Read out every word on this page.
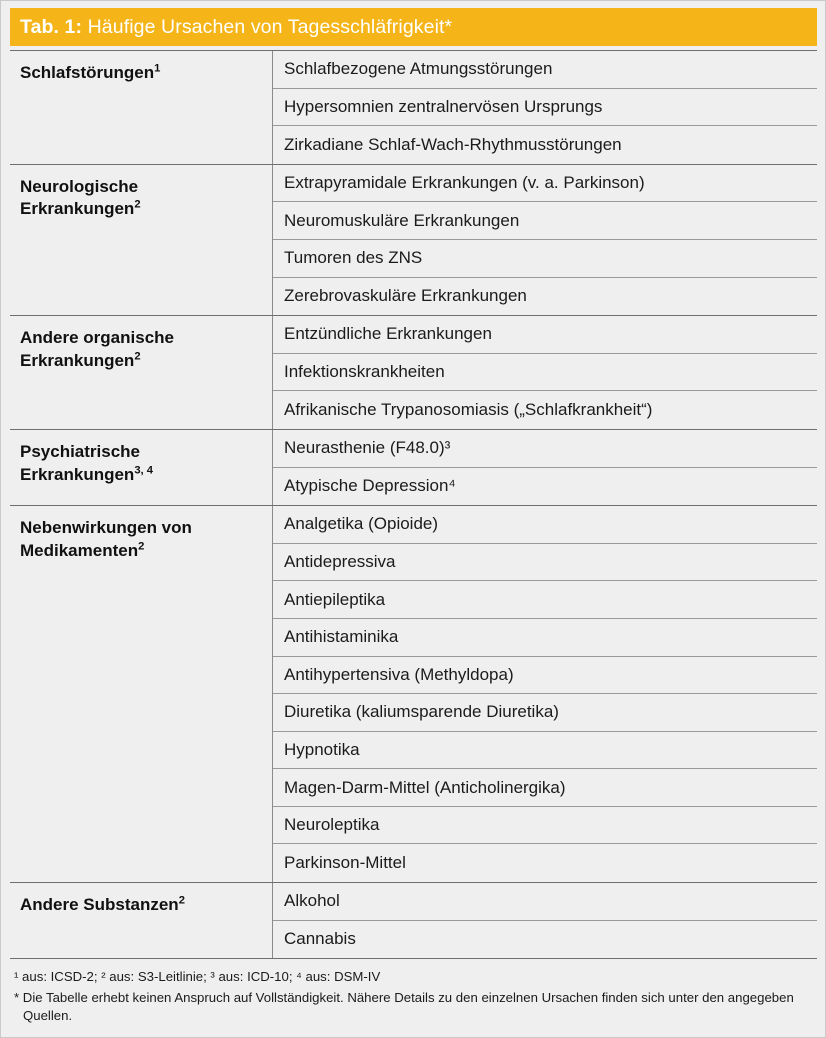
Tab. 1: Häufige Ursachen von Tagesschläfrigkeit*
Schlafstörungen$^1$	Schlafbezogene Atmungsstörungen
Hypersomnien zentralnervösen Ursprungs
Zirkadiane Schlaf-Wach-Rhythmusstörungen
Neurologische Erkrankungen$^2$
Extrapyramidale Erkrankungen (v. a. Parkinson)
Neuromuskuläre Erkrankungen
Tumoren des ZNS
Zerebrovaskuläre Erkrankungen
Andere organische Erkrankungen$^2$
Entzündliche Erkrankungen
Infektionskrankheiten
Afrikanische Trypanosomiasis („Schlafkrankheit“)
Psychiatrische Erkrankungen$^{3, 4}$
Neurasthenie (F48.0)³
Atypische Depression⁴
Nebenwirkungen von Medikamenten$^2$
Analgetika (Opioide)
Antidepressiva
Antiepileptika
Antihistaminika
Antihypertensiva (Methyldopa)
Diuretika (kaliumsparende Diuretika)
Hypnotika
Magen-Darm-Mittel (Anticholinergika)
Neuroleptika
Parkinson-Mittel
Andere Substanzen$^2$	Alkohol
Cannabis

¹ aus: ICSD-2; ² aus: S3-Leitlinie; ³ aus: ICD-10; ⁴ aus: DSM-IV

* Die Tabelle erhebt keinen Anspruch auf Vollständigkeit. Nähere Details zu den einzelnen Ursachen finden sich unter den angegeben Quellen.
